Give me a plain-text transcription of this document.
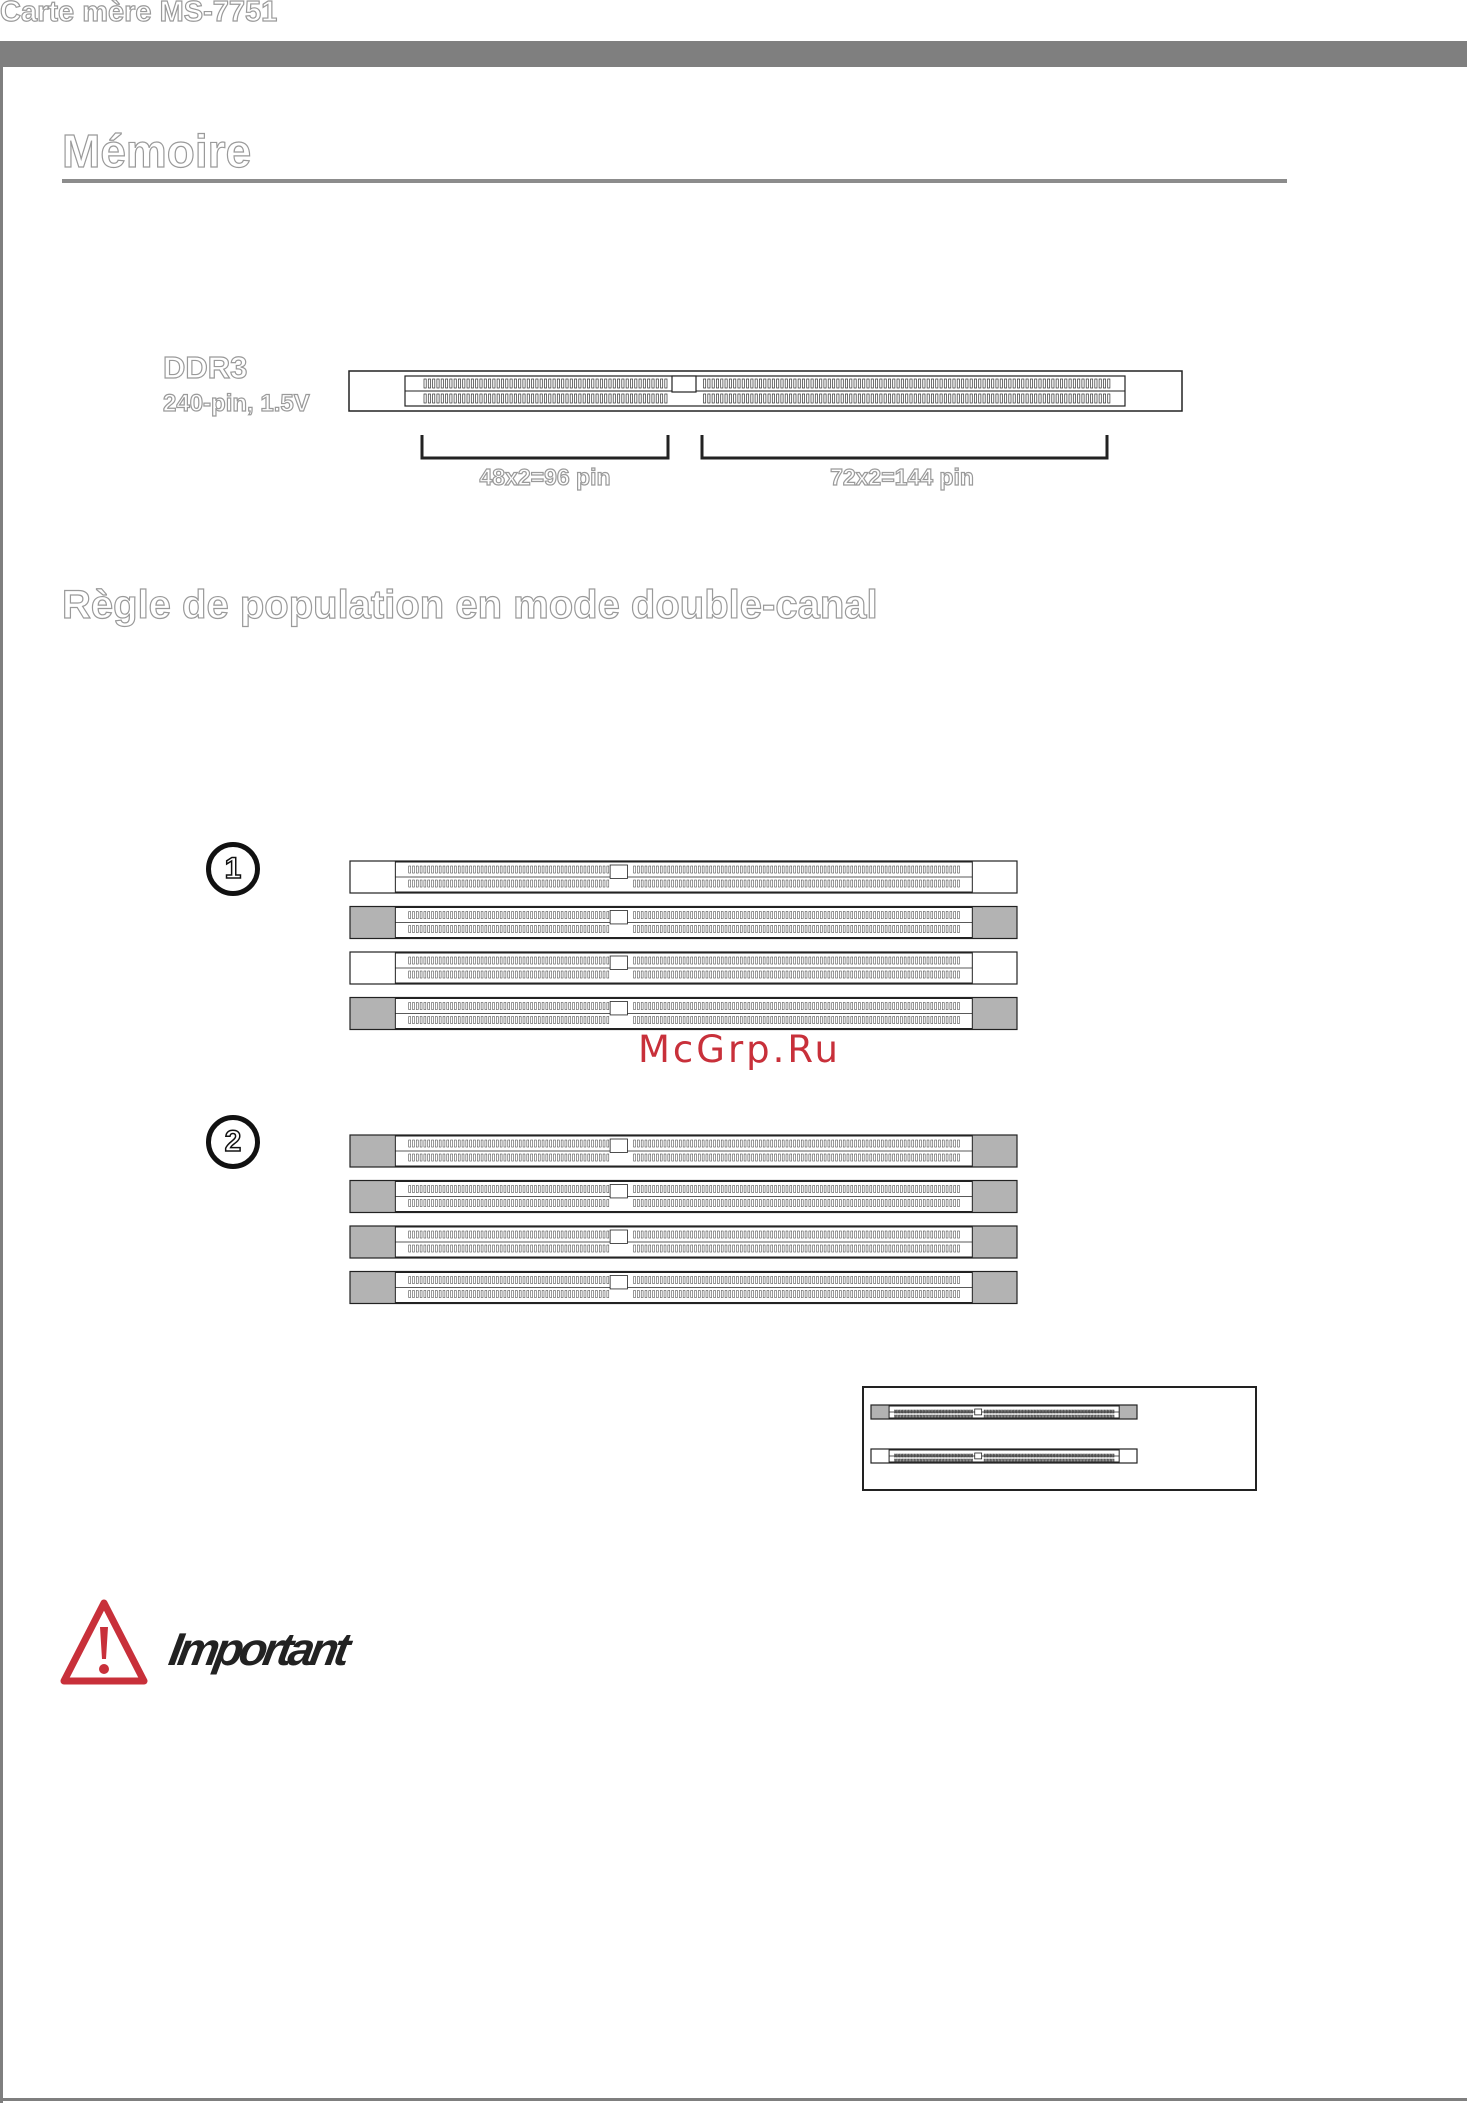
Carte mère MS-7751
Mémoire
DDR3
240-pin, 1.5V
48x2=96 pin	72x2=144 pin
Règle de population en mode double-canal
1
2
McGrp.Ru
Important
